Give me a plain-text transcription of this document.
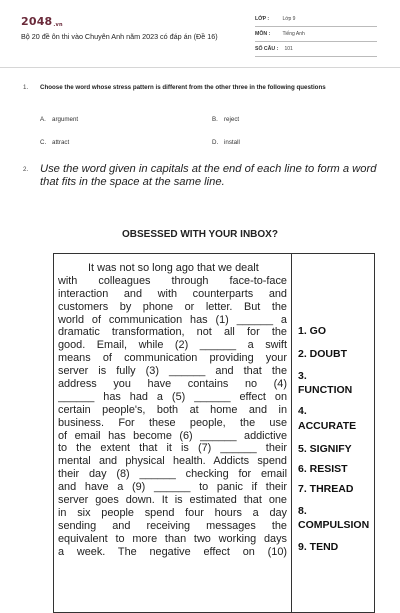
$2048_{.vn}$
Bộ 20 đề ôn thi vào Chuyên Anh năm 2023 có đáp án (Đề 16)
LỚP :	Lớp 9
MÔN : Tiếng Anh
SỐ CÂU : 101
1. Choose the word whose stress pattern is different from the other three in the following questions
A. argument	B. reject
C. attract	D. install
2. Use the word given in capitals at the end of each line to form a word that fits in the space at the same line.
OBSESSED WITH YOUR INBOX?
It was not so long ago that we dealt
with colleagues through face-to-face
interaction and with counterparts and
customers by phone or letter. But the
world of communication has (1) ______ a
dramatic transformation, not all for the
good. Email, while (2) ______ a swift
means of communication providing your
server is fully (3) ______ and that the
address you have contains no (4)
______ has had a (5) ______ effect on
certain people's, both at home and in
business. For these people, the use
of email has become (6) ______ addictive
to the extent that it is (7) ______ their
mental and physical health. Addicts spend
their day (8) ______ checking for email
and have a (9) ______ to panic if their
server goes down. It is estimated that one
in six people spend four hours a day
sending and receiving messages the
equivalent to more than two working days
a week. The negative effect on (10)
1. GO
2. DOUBT
3.
FUNCTION
4.
ACCURATE
5. SIGNIFY
6. RESIST
7. THREAD
8.
COMPULSION
9. TEND
